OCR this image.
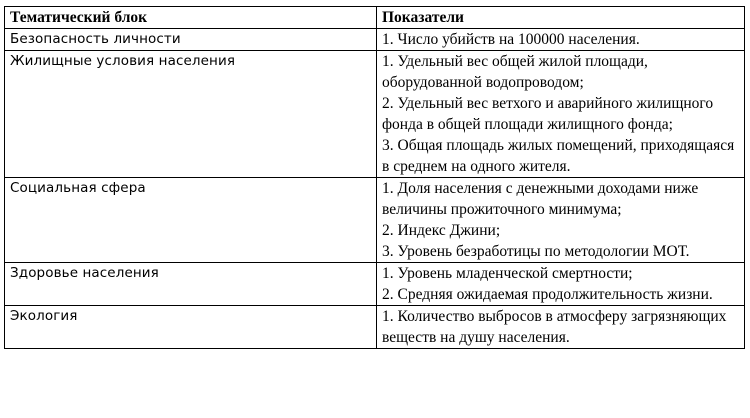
Тематический блок	Показатели
Безопасность личности	1. Число убийств на 100000 населения.

Жилищные условия населения	1. Удельный вес общей жилой площади, оборудованной водопроводом;
2. Удельный вес ветхого и аварийного жилищного фонда в общей площади жилищного фонда;
3. Общая площадь жилых помещений, приходящаяся в среднем на одного жителя.

Социальная сфера	1. Доля населения с денежными доходами ниже величины прожиточного минимума;
2. Индекс Джини;
3. Уровень безработицы по методологии МОТ.

Здоровье населения	1. Уровень младенческой смертности;
2. Средняя ожидаемая продолжительность жизни.

Экология	1. Количество выбросов в атмосферу загрязняющих веществ на душу населения.
